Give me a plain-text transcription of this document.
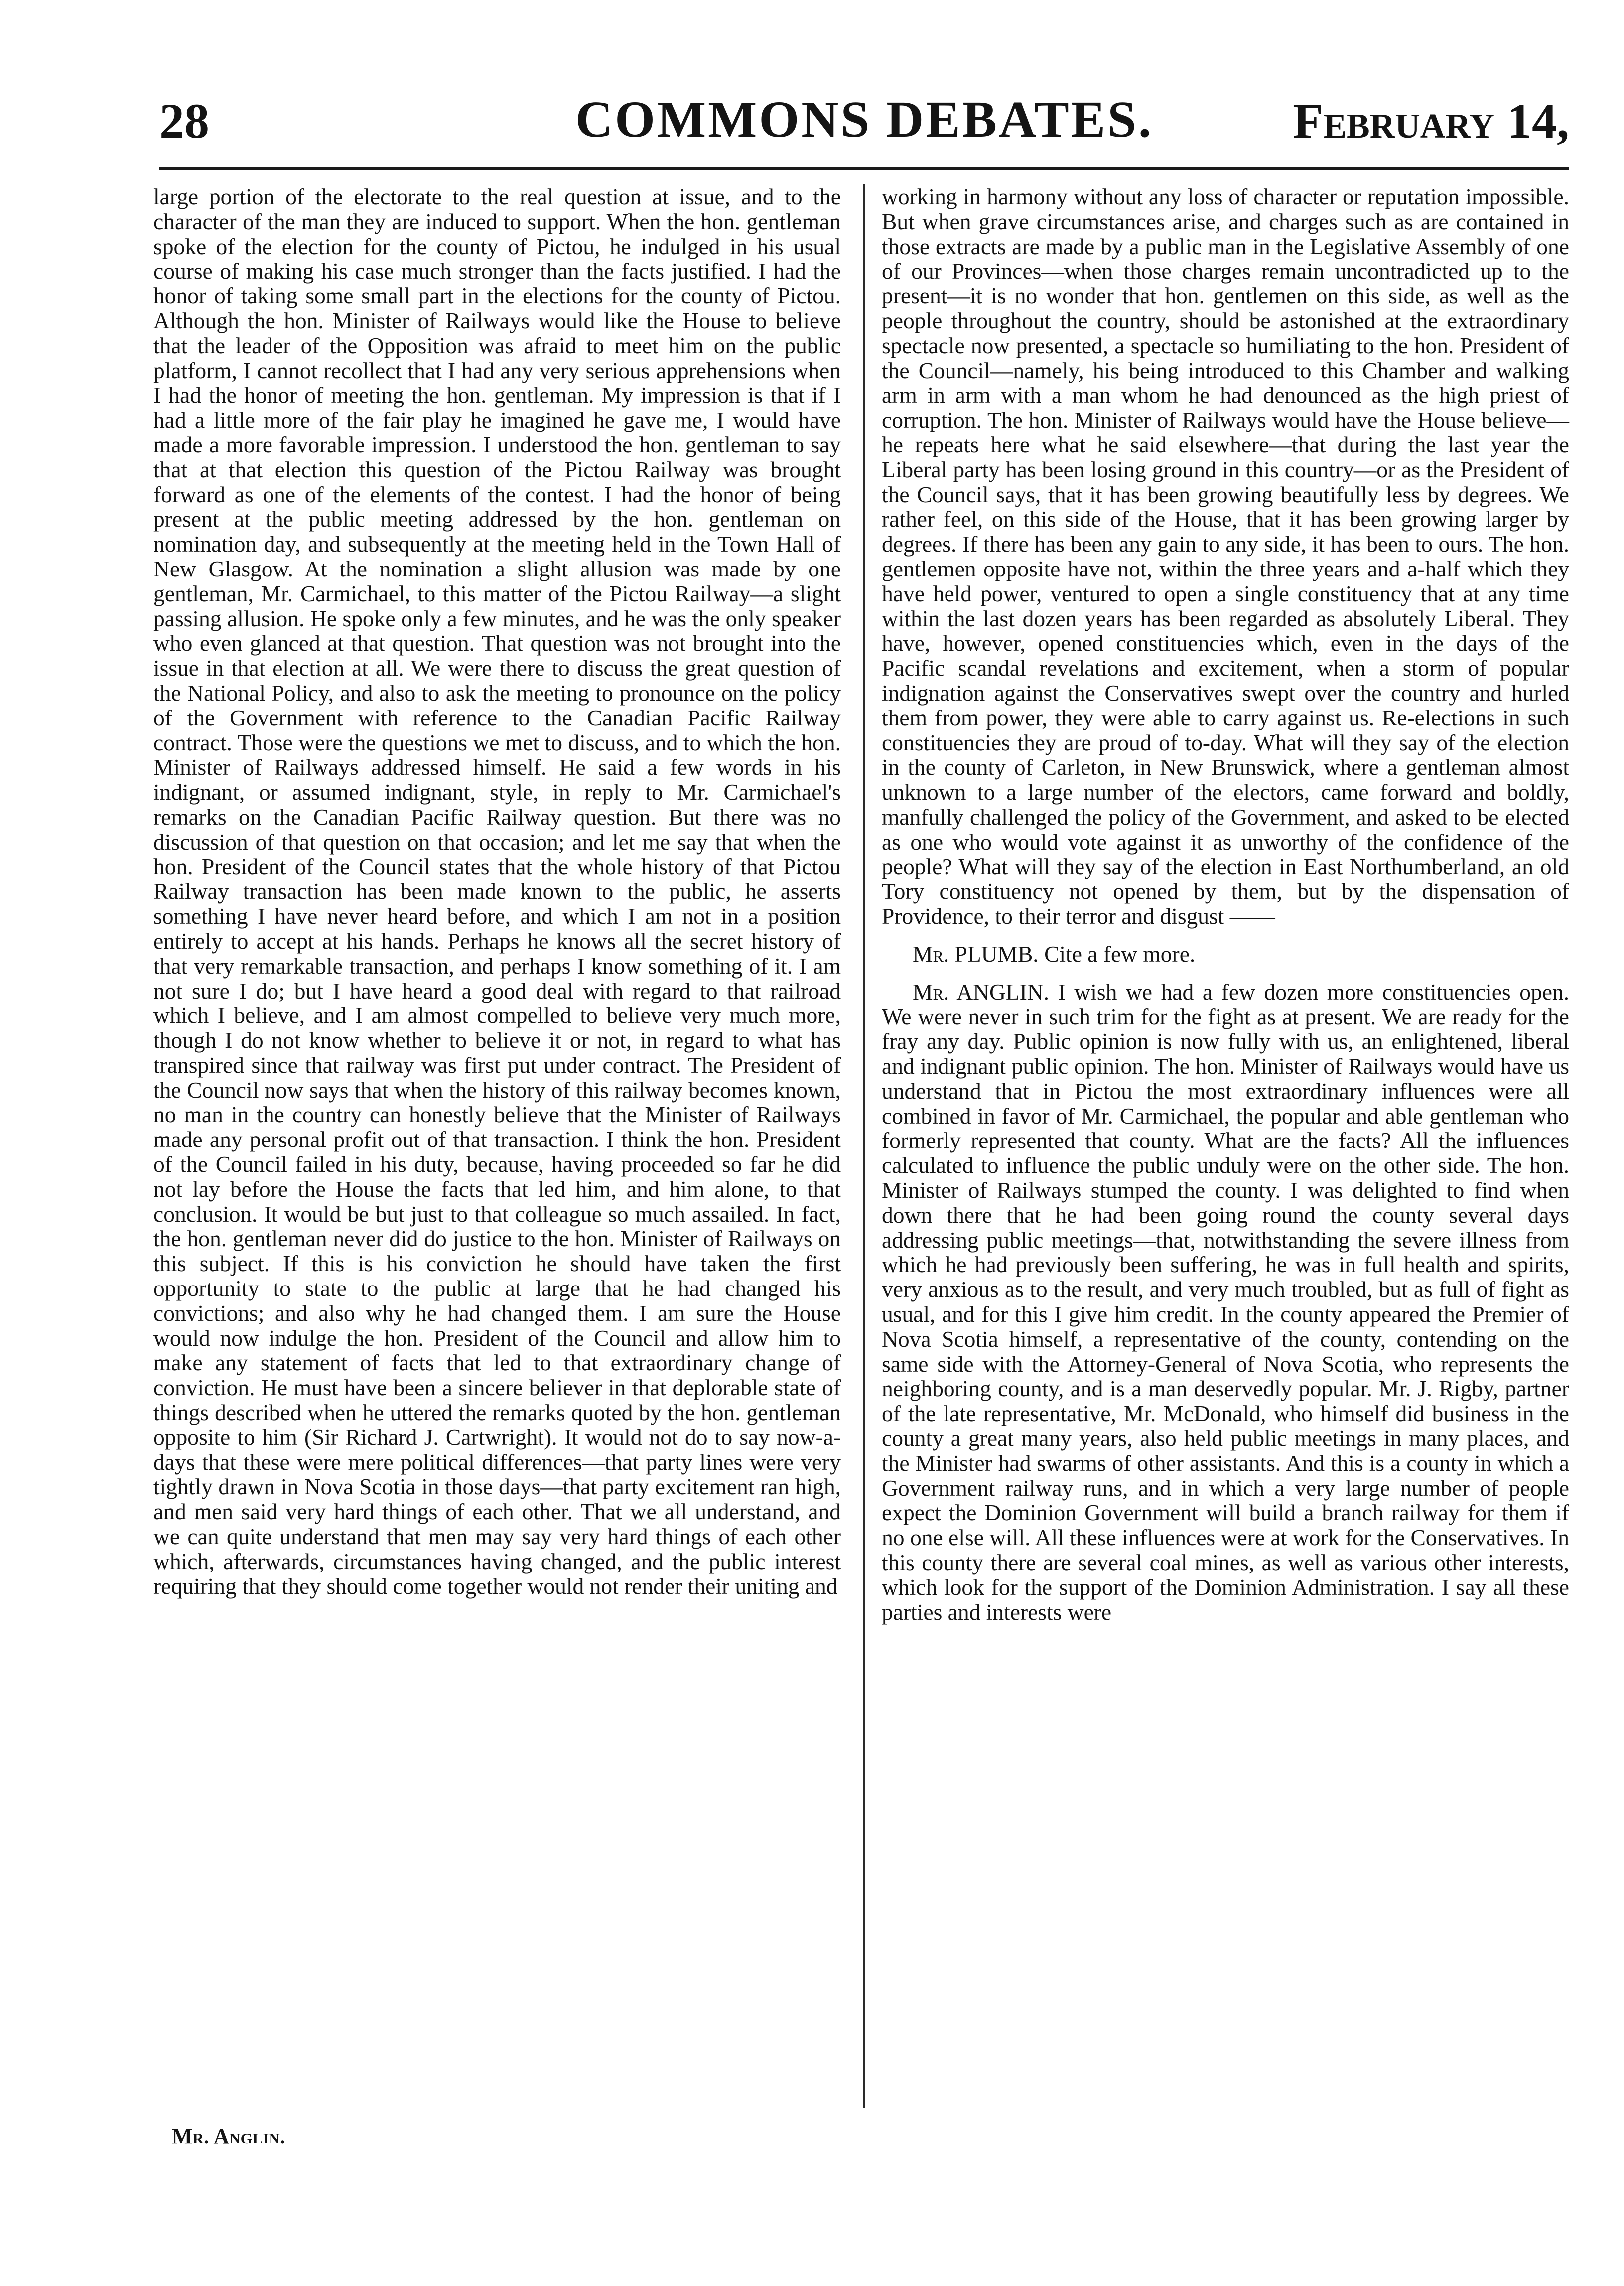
28	COMMONS DEBATES.	February 14,

large portion of the electorate to the real question at issue, and to the character of the man they are induced to support. When the hon. gentleman spoke of the election for the county of Pictou, he indulged in his usual course of making his case much stronger than the facts justified. I had the honor of taking some small part in the elections for the county of Pictou. Although the hon. Minister of Railways would like the House to believe that the leader of the Opposition was afraid to meet him on the public platform, I cannot recollect that I had any very serious apprehensions when I had the honor of meeting the hon. gentleman. My impression is that if I had a little more of the fair play he imagined he gave me, I would have made a more favorable impression. I understood the hon. gentleman to say that at that election this question of the Pictou Railway was brought forward as one of the elements of the contest. I had the honor of being present at the public meeting addressed by the hon. gentleman on nomination day, and subsequently at the meeting held in the Town Hall of New Glasgow. At the nomination a slight allusion was made by one gentleman, Mr. Carmichael, to this matter of the Pictou Railway—a slight passing allusion. He spoke only a few minutes, and he was the only speaker who even glanced at that question. That question was not brought into the issue in that election at all. We were there to discuss the great question of the National Policy, and also to ask the meeting to pronounce on the policy of the Government with reference to the Canadian Pacific Railway contract. Those were the questions we met to discuss, and to which the hon. Minister of Railways addressed himself. He said a few words in his indignant, or assumed indignant, style, in reply to Mr. Carmichael's remarks on the Canadian Pacific Railway question. But there was no discussion of that question on that occasion; and let me say that when the hon. President of the Council states that the whole history of that Pictou Railway transaction has been made known to the public, he asserts something I have never heard before, and which I am not in a position entirely to accept at his hands. Perhaps he knows all the secret history of that very remarkable transaction, and perhaps I know something of it. I am not sure I do; but I have heard a good deal with regard to that railroad which I believe, and I am almost compelled to believe very much more, though I do not know whether to believe it or not, in regard to what has transpired since that railway was first put under contract. The President of the Council now says that when the history of this railway becomes known, no man in the country can honestly believe that the Minister of Railways made any personal profit out of that transaction. I think the hon. President of the Council failed in his duty, because, having proceeded so far he did not lay before the House the facts that led him, and him alone, to that conclusion. It would be but just to that colleague so much assailed. In fact, the hon. gentleman never did do justice to the hon. Minister of Railways on this subject. If this is his conviction he should have taken the first opportunity to state to the public at large that he had changed his convictions; and also why he had changed them. I am sure the House would now indulge the hon. President of the Council and allow him to make any statement of facts that led to that extraordinary change of conviction. He must have been a sincere believer in that deplorable state of things described when he uttered the remarks quoted by the hon. gentleman opposite to him (Sir Richard J. Cartwright). It would not do to say now-a-days that these were mere political differences—that party lines were very tightly drawn in Nova Scotia in those days—that party excitement ran high, and men said very hard things of each other. That we all understand, and we can quite understand that men may say very hard things of each other which, afterwards, circumstances having changed, and the public interest requiring that they should come together would not render their uniting and

working in harmony without any loss of character or reputation impossible. But when grave circumstances arise, and charges such as are contained in those extracts are made by a public man in the Legislative Assembly of one of our Provinces—when those charges remain uncontradicted up to the present—it is no wonder that hon. gentlemen on this side, as well as the people throughout the country, should be astonished at the extraordinary spectacle now presented, a spectacle so humiliating to the hon. President of the Council—namely, his being introduced to this Chamber and walking arm in arm with a man whom he had denounced as the high priest of corruption. The hon. Minister of Railways would have the House believe—he repeats here what he said elsewhere—that during the last year the Liberal party has been losing ground in this country—or as the President of the Council says, that it has been growing beautifully less by degrees. We rather feel, on this side of the House, that it has been growing larger by degrees. If there has been any gain to any side, it has been to ours. The hon. gentlemen opposite have not, within the three years and a-half which they have held power, ventured to open a single constituency that at any time within the last dozen years has been regarded as absolutely Liberal. They have, however, opened constituencies which, even in the days of the Pacific scandal revelations and excitement, when a storm of popular indignation against the Conservatives swept over the country and hurled them from power, they were able to carry against us. Re-elections in such constituencies they are proud of to-day. What will they say of the election in the county of Carleton, in New Brunswick, where a gentleman almost unknown to a large number of the electors, came forward and boldly, manfully challenged the policy of the Government, and asked to be elected as one who would vote against it as unworthy of the confidence of the people? What will they say of the election in East Northumberland, an old Tory constituency not opened by them, but by the dispensation of Providence, to their terror and disgust ——

Mr. PLUMB. Cite a few more.

Mr. ANGLIN. I wish we had a few dozen more constituencies open. We were never in such trim for the fight as at present. We are ready for the fray any day. Public opinion is now fully with us, an enlightened, liberal and indignant public opinion. The hon. Minister of Railways would have us understand that in Pictou the most extraordinary influences were all combined in favor of Mr. Carmichael, the popular and able gentleman who formerly represented that county. What are the facts? All the influences calculated to influence the public unduly were on the other side. The hon. Minister of Railways stumped the county. I was delighted to find when down there that he had been going round the county several days addressing public meetings—that, notwithstanding the severe illness from which he had previously been suffering, he was in full health and spirits, very anxious as to the result, and very much troubled, but as full of fight as usual, and for this I give him credit. In the county appeared the Premier of Nova Scotia himself, a representative of the county, contending on the same side with the Attorney-General of Nova Scotia, who represents the neighboring county, and is a man deservedly popular. Mr. J. Rigby, partner of the late representative, Mr. McDonald, who himself did business in the county a great many years, also held public meetings in many places, and the Minister had swarms of other assistants. And this is a county in which a Government railway runs, and in which a very large number of people expect the Dominion Government will build a branch railway for them if no one else will. All these influences were at work for the Conservatives. In this county there are several coal mines, as well as various other interests, which look for the support of the Dominion Administration. I say all these parties and interests were

Mr. Anglin.
